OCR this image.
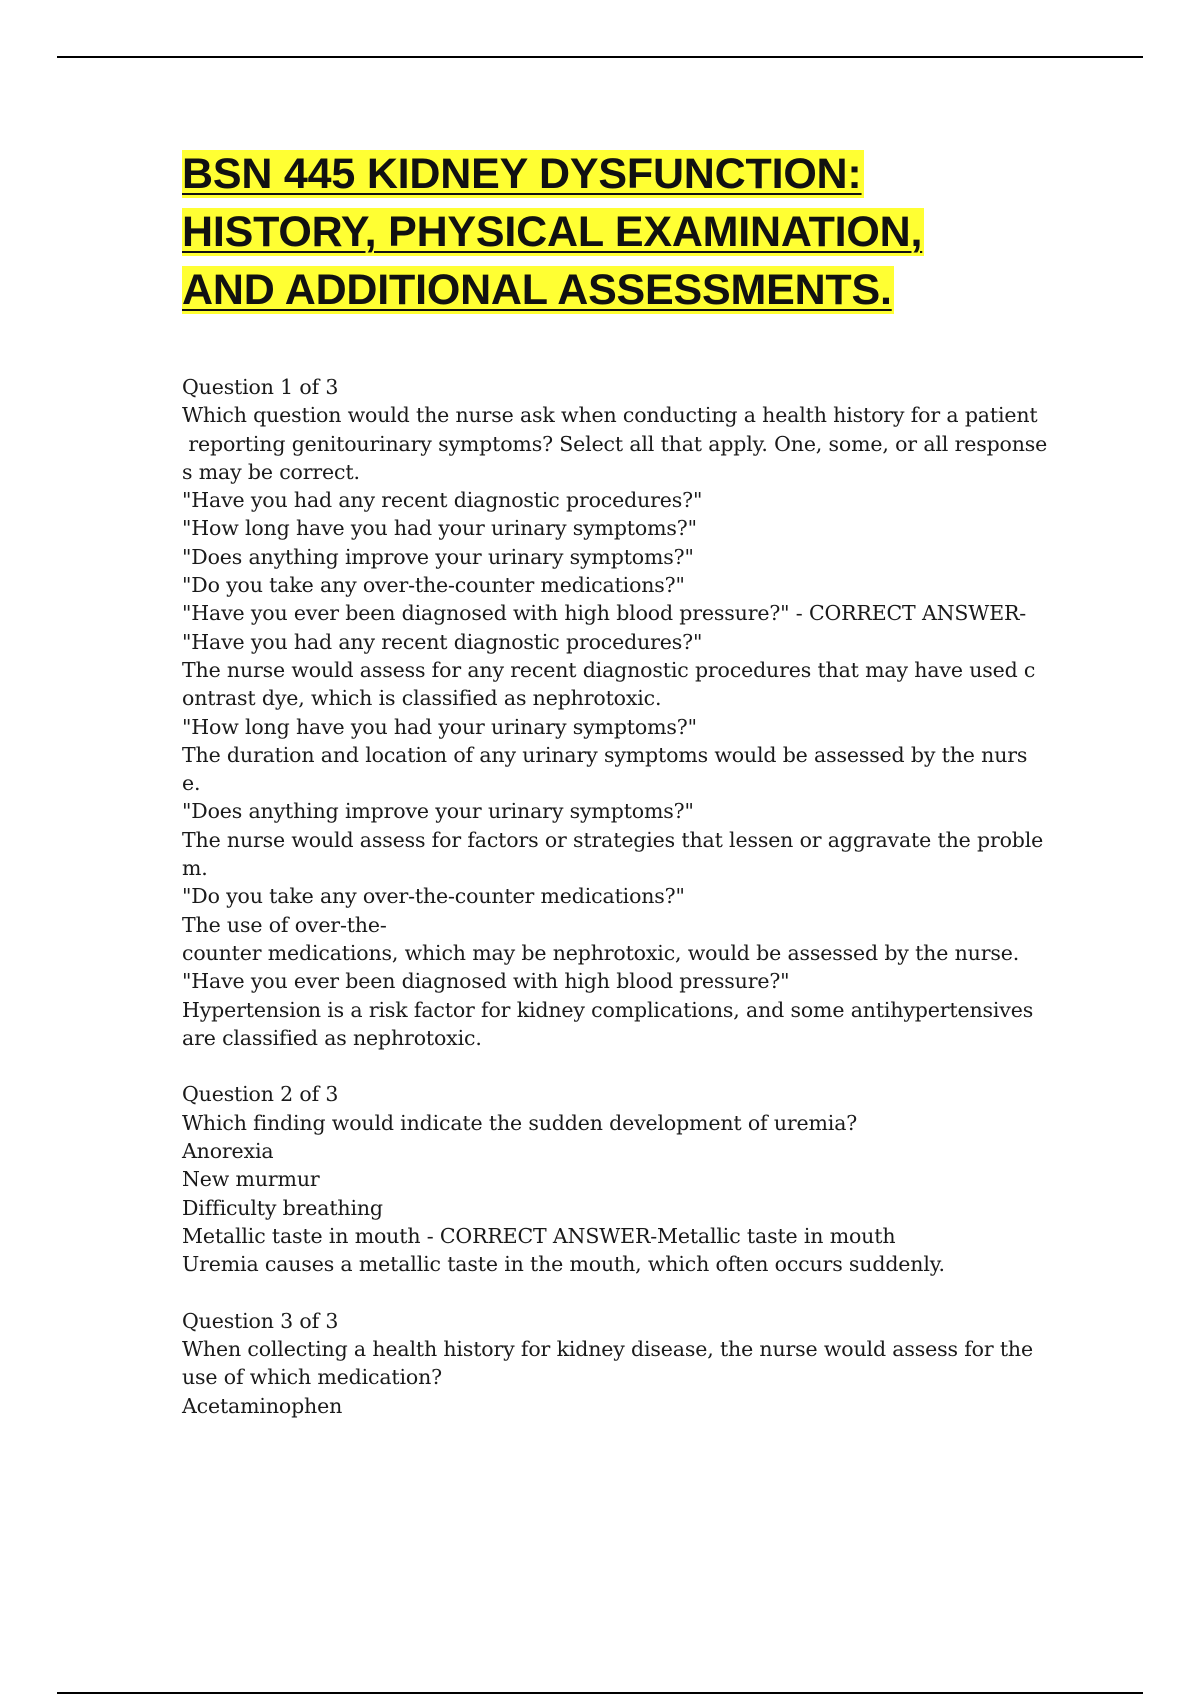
BSN 445 KIDNEY DYSFUNCTION:
HISTORY, PHYSICAL EXAMINATION,
AND ADDITIONAL ASSESSMENTS.
Question 1 of 3
Which question would the nurse ask when conducting a health history for a patient
reporting genitourinary symptoms? Select all that apply. One, some, or all response
s may be correct.
"Have you had any recent diagnostic procedures?"
"How long have you had your urinary symptoms?"
"Does anything improve your urinary symptoms?"
"Do you take any over-the-counter medications?"
"Have you ever been diagnosed with high blood pressure?" - CORRECT ANSWER-
"Have you had any recent diagnostic procedures?"
The nurse would assess for any recent diagnostic procedures that may have used c
ontrast dye, which is classified as nephrotoxic.
"How long have you had your urinary symptoms?"
The duration and location of any urinary symptoms would be assessed by the nurs
e.
"Does anything improve your urinary symptoms?"
The nurse would assess for factors or strategies that lessen or aggravate the proble
m.
"Do you take any over-the-counter medications?"
The use of over-the-
counter medications, which may be nephrotoxic, would be assessed by the nurse.
"Have you ever been diagnosed with high blood pressure?"
Hypertension is a risk factor for kidney complications, and some antihypertensives
are classified as nephrotoxic.
Question 2 of 3
Which finding would indicate the sudden development of uremia?
Anorexia
New murmur
Difficulty breathing
Metallic taste in mouth - CORRECT ANSWER-Metallic taste in mouth
Uremia causes a metallic taste in the mouth, which often occurs suddenly.
Question 3 of 3
When collecting a health history for kidney disease, the nurse would assess for the
use of which medication?
Acetaminophen
